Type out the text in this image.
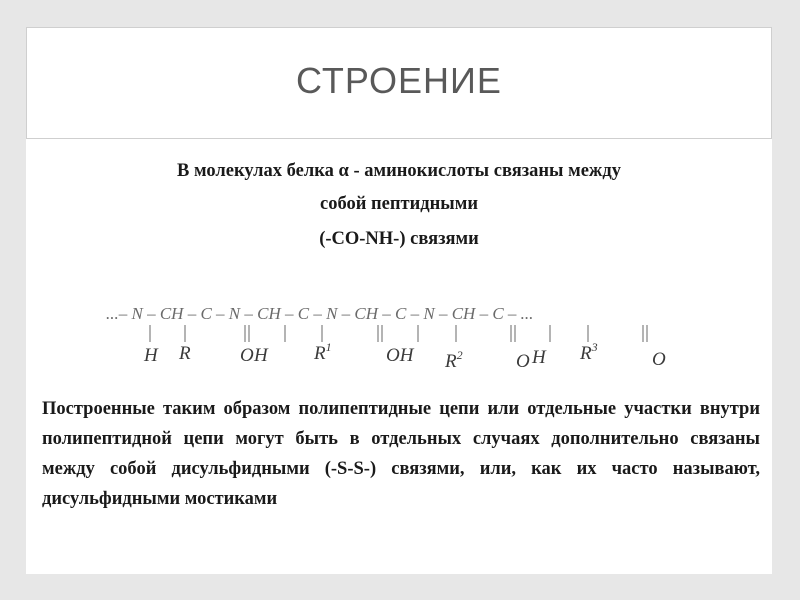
СТРОЕНИЕ
В молекулах белка α - аминокислоты связаны между
собой пептидными
(-CO-NH-) связями
...– N – CH – C – N – CH – C – N – CH – C – N – CH – C – ...
H R	O H $R^1$	OH $R^2$	O H $R^3$
O
Построенные таким образом полипептидные цепи или отдельные участки внутри полипептидной цепи могут быть в отдельных случаях дополнительно связаны между собой дисульфидными (-S-S-) связями, или, как их часто называют, дисульфидными мостиками
